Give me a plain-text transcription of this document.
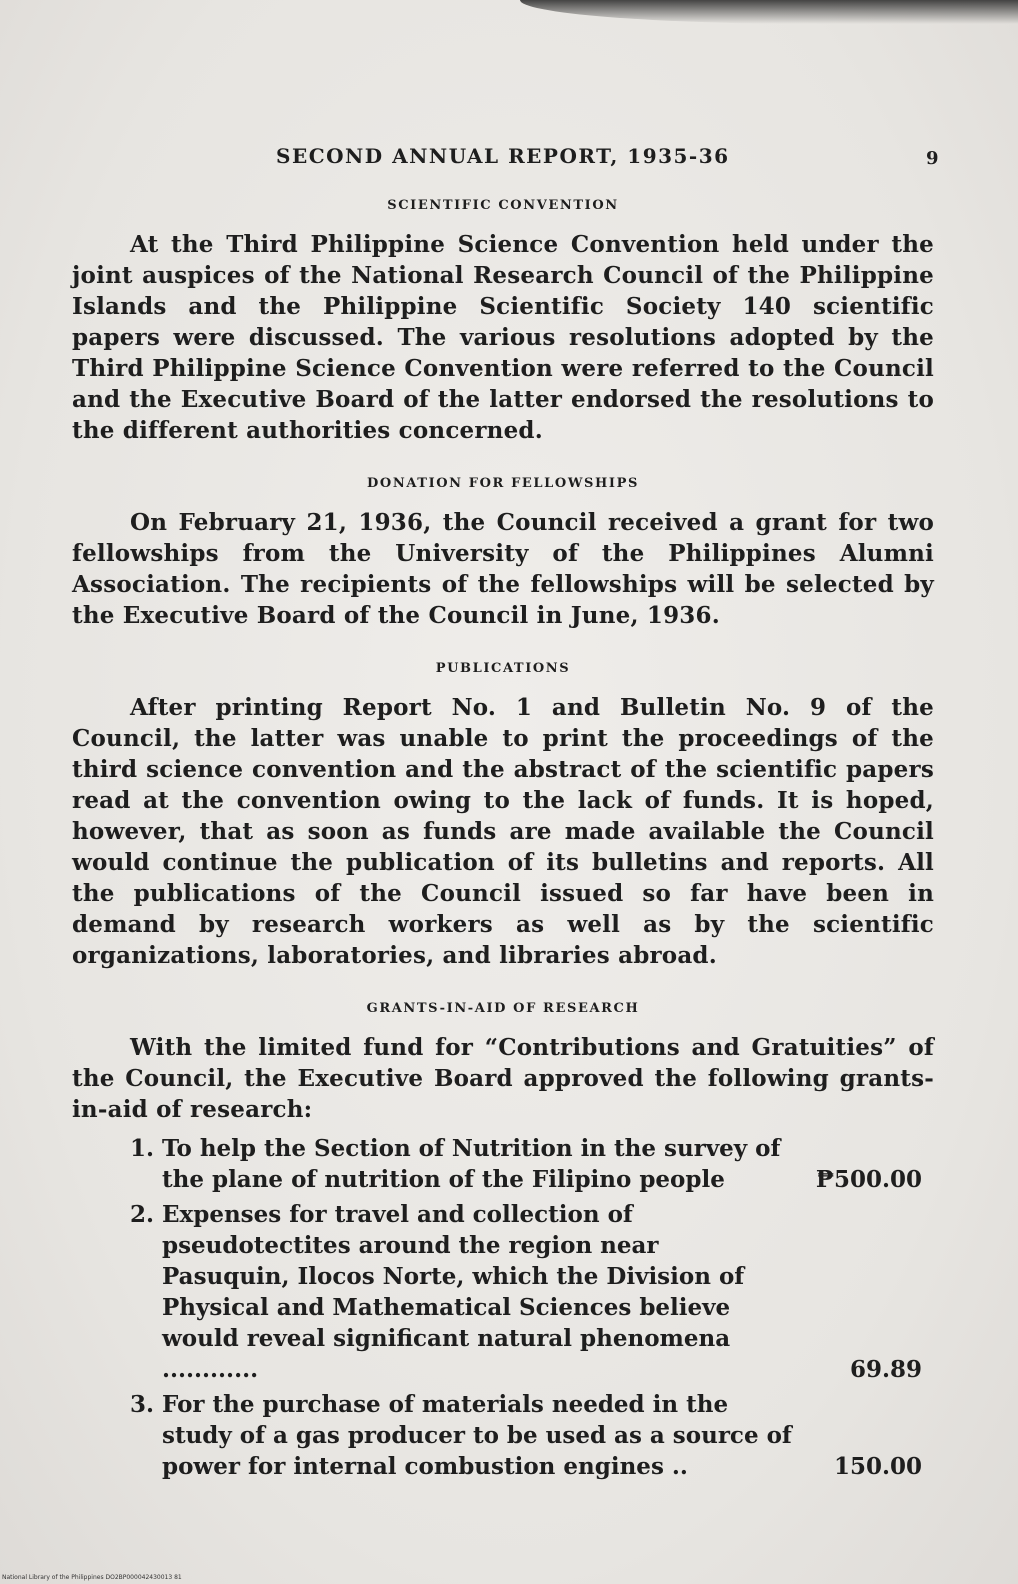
SECOND ANNUAL REPORT, 1935-36	9
SCIENTIFIC CONVENTION

At the Third Philippine Science Convention held under the joint auspices of the National Research Council of the Philippine Islands and the Philippine Scientific Society 140 scientific papers were discussed. The various resolutions adopted by the Third Philippine Science Convention were referred to the Council and the Executive Board of the latter endorsed the resolutions to the different authorities concerned.

DONATION FOR FELLOWSHIPS

On February 21, 1936, the Council received a grant for two fellowships from the University of the Philippines Alumni Association. The recipients of the fellowships will be selected by the Executive Board of the Council in June, 1936.

PUBLICATIONS

After printing Report No. 1 and Bulletin No. 9 of the Council, the latter was unable to print the proceedings of the third science convention and the abstract of the scientific papers read at the convention owing to the lack of funds. It is hoped, however, that as soon as funds are made available the Council would continue the publication of its bulletins and reports. All the publications of the Council issued so far have been in demand by research workers as well as by the scientific organizations, laboratories, and libraries abroad.

GRANTS-IN-AID OF RESEARCH

With the limited fund for “Contributions and Gratuities” of the Council, the Executive Board approved the following grants-in-aid of research:

1. To help the Section of Nutrition in the survey of the plane of nutrition of the Filipino people	₱500.00
2. Expenses for travel and collection of pseudotectites around the region near Pasuquin, Ilocos Norte, which the Division of Physical and Mathematical Sciences believe would reveal significant natural phenomena ............	69.89
3. For the purchase of materials needed in the study of a gas producer to be used as a source of power for internal combustion engines ..	150.00
National Library of the Philippines DO2BP000042430013 81
